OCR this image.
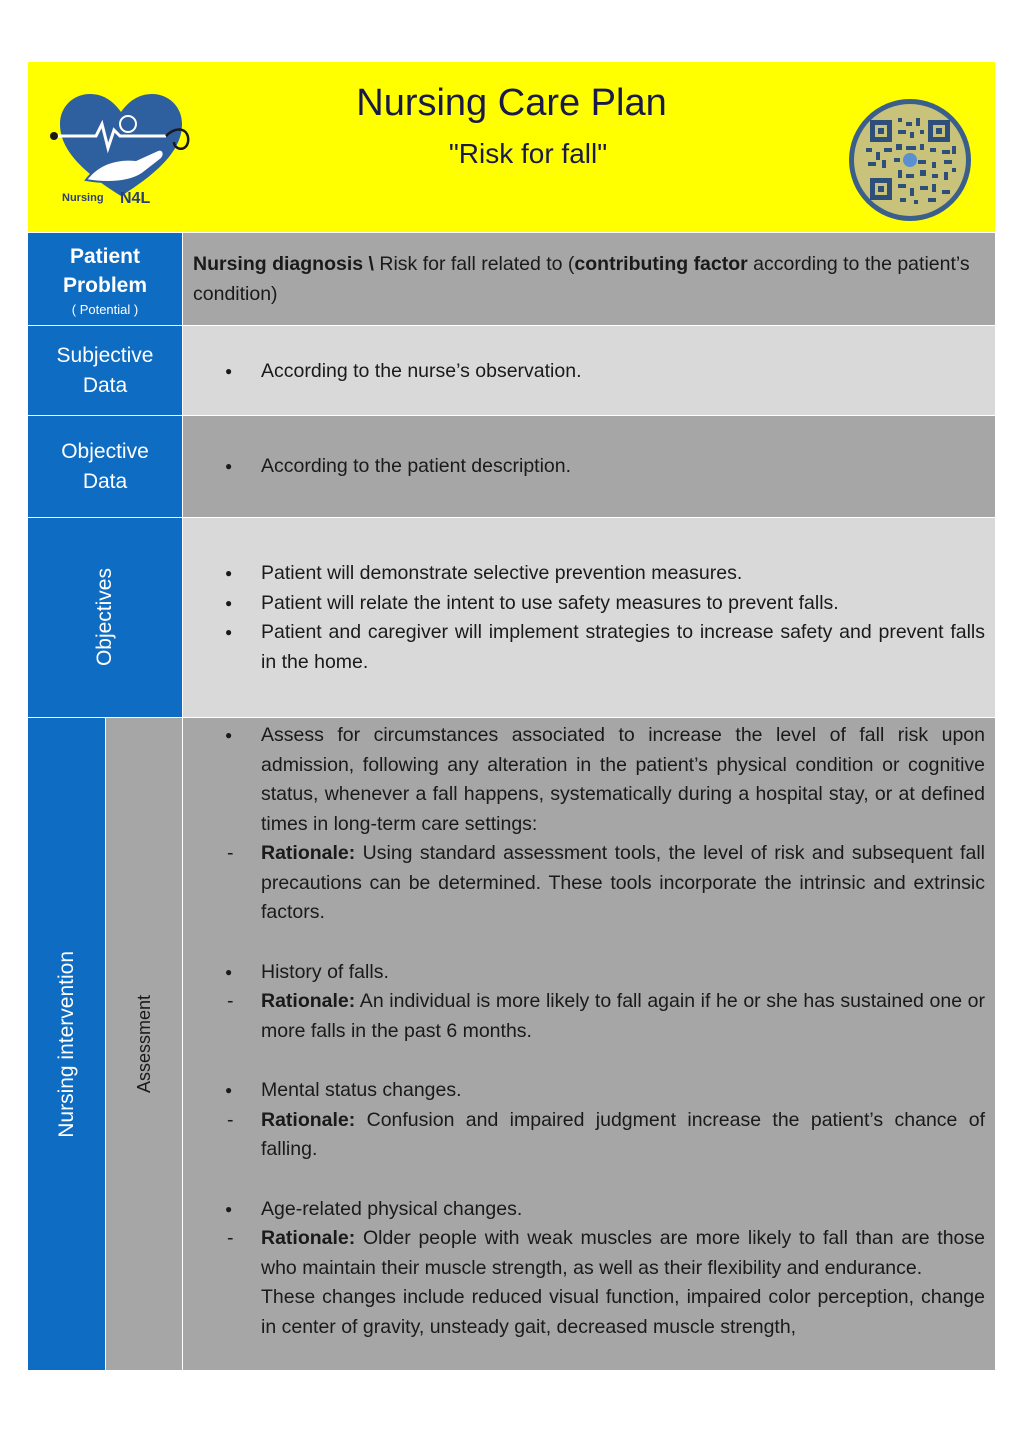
Nursing N4L
Nursing Care Plan
"Risk for fall"
Patient
Problem
( Potential )
Nursing diagnosis \ Risk for fall related to (contributing factor according to the patient’s condition)
Subjective
Data
● According to the nurse’s observation.
Objective
Data
● According to the patient description.
Objectives
●	Patient will demonstrate selective prevention measures.
● Patient will relate the intent to use safety measures to prevent falls.
● Patient and caregiver will implement strategies to increase safety and prevent falls in the home.
Nursing intervention	Assessment
● Assess for circumstances associated to increase the level of fall risk upon admission, following any alteration in the patient’s physical condition or cognitive status, whenever a fall happens, systematically during a hospital stay, or at defined times in long-term care settings:
- Rationale: Using standard assessment tools, the level of risk and subsequent fall precautions can be determined. These tools incorporate the intrinsic and extrinsic factors.
● History of falls.
- Rationale: An individual is more likely to fall again if he or she has sustained one or more falls in the past 6 months.
● Mental status changes.
- Rationale: Confusion and impaired judgment increase the patient’s chance of falling.
● Age-related physical changes.
- Rationale: Older people with weak muscles are more likely to fall than are those who maintain their muscle strength, as well as their flexibility and endurance.
These changes include reduced visual function, impaired color perception, change in center of gravity, unsteady gait, decreased muscle strength,
